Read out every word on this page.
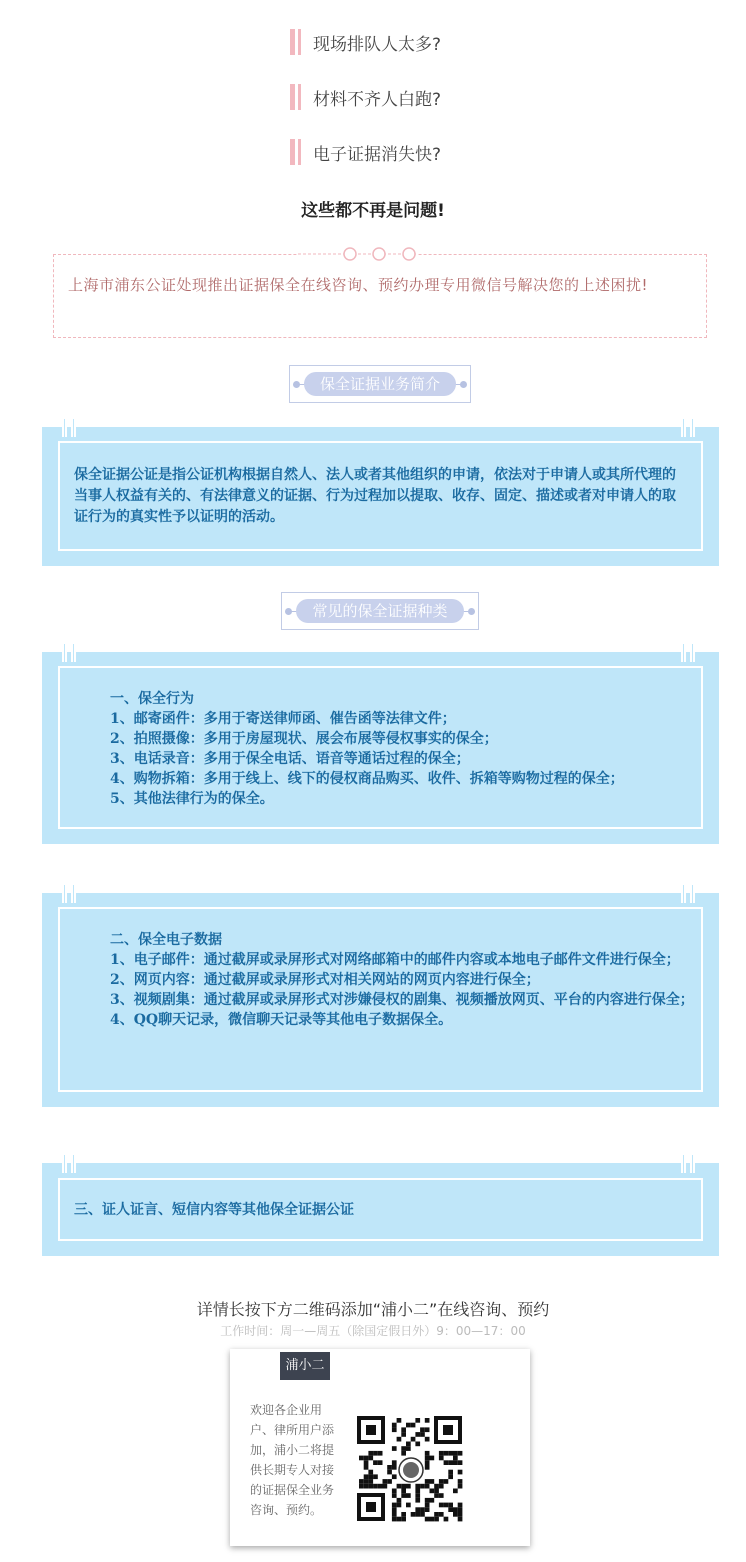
现场排队人太多?
材料不齐人白跑?
电子证据消失快?
这些都不再是问题!
上海市浦东公证处现推出证据保全在线咨询、预约办理专用微信号解决您的上述困扰!
保全证据业务简介
保全证据公证是指公证机构根据自然人、法人或者其他组织的申请，依法对于申请人或其所代理的当事人权益有关的、有法律意义的证据、行为过程加以提取、收存、固定、描述或者对申请人的取证行为的真实性予以证明的活动。
常见的保全证据种类
一、保全行为
1、邮寄函件：多用于寄送律师函、催告函等法律文件；
2、拍照摄像：多用于房屋现状、展会布展等侵权事实的保全；
3、电话录音：多用于保全电话、语音等通话过程的保全；
4、购物拆箱：多用于线上、线下的侵权商品购买、收件、拆箱等购物过程的保全；
5、其他法律行为的保全。
二、保全电子数据
1、电子邮件：通过截屏或录屏形式对网络邮箱中的邮件内容或本地电子邮件文件进行保全；
2、网页内容：通过截屏或录屏形式对相关网站的网页内容进行保全；
3、视频剧集：通过截屏或录屏形式对涉嫌侵权的剧集、视频播放网页、平台的内容进行保全；
4、QQ聊天记录，微信聊天记录等其他电子数据保全。
三、证人证言、短信内容等其他保全证据公证
详情长按下方二维码添加“浦小二”在线咨询、预约
工作时间：周一—周五（除国定假日外）9：00—17：00
浦小二
欢迎各企业用户、律所用户添加，浦小二将提供长期专人对接的证据保全业务咨询、预约。
